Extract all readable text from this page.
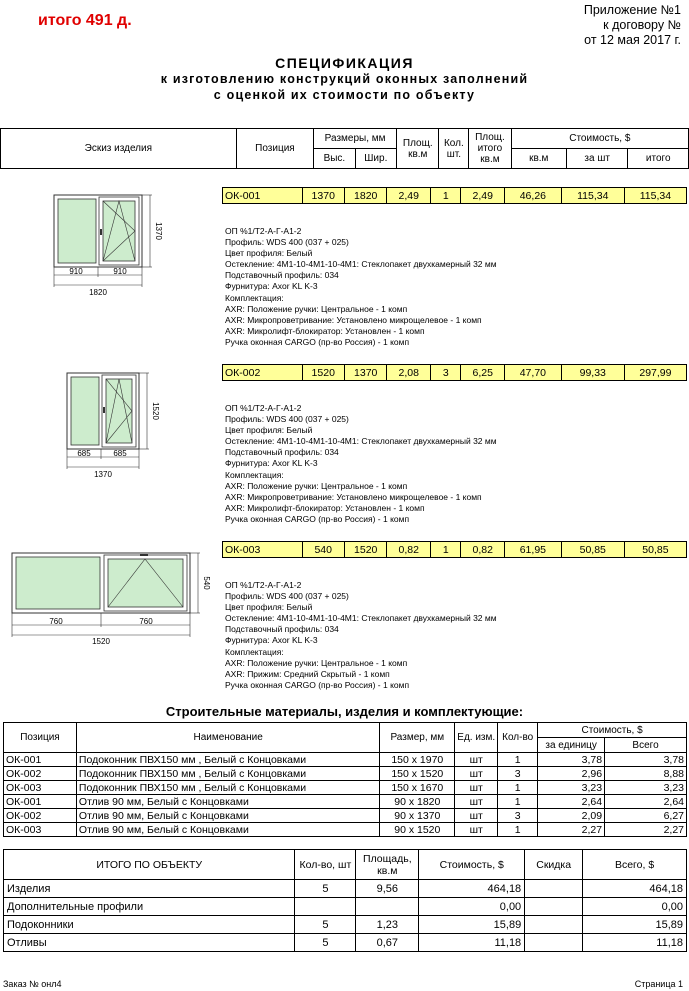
итого 491 д.
Приложение №1
к договору №
от 12 мая 2017 г.
СПЕЦИФИКАЦИЯ
к изготовлению конструкций оконных заполнений
с оценкой их стоимости по объекту
Эскиз изделия	Позиция	Размеры, мм		Площ. кв.м	Кол. шт.	Площ. итого кв.м	Стоимость, $		
		Выс.	Шир.				кв.м	за шт	итого
ОК-001	1370	1820	2,49	1	2,49	46,26	115,34	115,34
ОК-002	1520	1370	2,08	3	6,25	47,70	99,33	297,99
ОК-003	540	1520	0,82	1	0,82	61,95	50,85	50,85
ОП %1/Т2-А-Г-А1-2
Профиль: WDS 400 (037 + 025)
Цвет профиля: Белый
Остекление: 4М1-10-4М1-10-4М1: Стеклопакет двухкамерный 32 мм
Подставочный профиль: 034
Фурнитура: Axor KL K-3
Комплектация:
AXR: Положение ручки: Центральное - 1 комп
AXR: Микропроветривание: Установлено микрощелевое - 1 комп
AXR: Микролифт-блокиратор: Установлен - 1 комп
Ручка оконная CARGO (пр-во Россия) - 1 комп
ОП %1/Т2-А-Г-А1-2
Профиль: WDS 400 (037 + 025)
Цвет профиля: Белый
Остекление: 4М1-10-4М1-10-4М1: Стеклопакет двухкамерный 32 мм
Подставочный профиль: 034
Фурнитура: Axor KL K-3
Комплектация:
AXR: Положение ручки: Центральное - 1 комп
AXR: Микропроветривание: Установлено микрощелевое - 1 комп
AXR: Микролифт-блокиратор: Установлен - 1 комп
Ручка оконная CARGO (пр-во Россия) - 1 комп
ОП %1/Т2-А-Г-А1-2
Профиль: WDS 400 (037 + 025)
Цвет профиля: Белый
Остекление: 4М1-10-4М1-10-4М1: Стеклопакет двухкамерный 32 мм
Подставочный профиль: 034
Фурнитура: Axor KL K-3
Комплектация:
AXR: Положение ручки: Центральное - 1 комп
AXR: Прижим: Средний Скрытый - 1 комп
Ручка оконная CARGO (пр-во Россия) - 1 комп
1370
910	910
1820
1520
685	685
1370
540
760	760
1520
Строительные материалы, изделия и комплектующие:
Позиция	Наименование	Размер, мм	Ед. изм.	Кол-во	Стоимость, $	
					за единицу	Всего
ОК-001	Подоконник ПВХ150 мм , Белый с Концовками	150 x 1970	шт	1	3,78	3,78
ОК-002	Подоконник ПВХ150 мм , Белый с Концовками	150 x 1520	шт	3	2,96	8,88
ОК-003	Подоконник ПВХ150 мм , Белый с Концовками	150 x 1670	шт	1	3,23	3,23
ОК-001	Отлив 90 мм, Белый с Концовками	90 x 1820	шт	1	2,64	2,64
ОК-002	Отлив 90 мм, Белый с Концовками	90 x 1370	шт	3	2,09	6,27
ОК-003	Отлив 90 мм, Белый с Концовками	90 x 1520	шт	1	2,27	2,27
ИТОГО ПО ОБЪЕКТУ	Кол-во, шт	Площадь, кв.м	Стоимость, $	Скидка	Всего, $
Изделия	5	9,56	464,18		464,18
Дополнительные профили			0,00		0,00
Подоконники	5	1,23	15,89		15,89
Отливы	5	0,67	11,18		11,18
Заказ № онл4	Страница 1
